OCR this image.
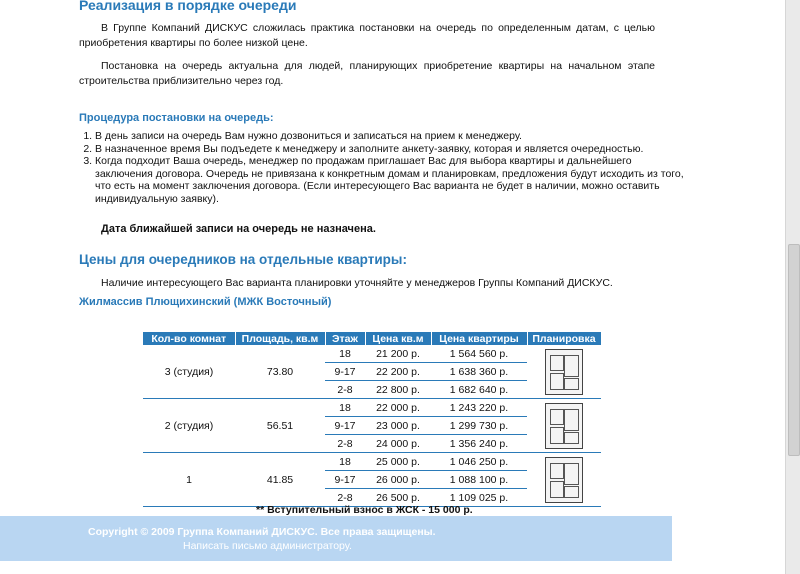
Реализация в порядке очереди
В Группе Компаний ДИСКУС сложилась практика постановки на очередь по определенным датам, с целью приобретения квартиры по более низкой цене.
Постановка на очередь актуальна для людей, планирующих приобретение квартиры на начальном этапе строительства приблизительно через год.
Процедура постановки на очередь:
1. В день записи на очередь Вам нужно дозвониться и записаться на прием к менеджеру.
2. В назначенное время Вы подъедете к менеджеру и заполните анкету-заявку, которая и является очередностью.
3. Когда подходит Ваша очередь, менеджер по продажам приглашает Вас для выбора квартиры и дальнейшего заключения договора. Очередь не привязана к конкретным домам и планировкам, предложения будут исходить из того, что есть на момент заключения договора. (Если интересующего Вас варианта не будет в наличии, можно оставить индивидуальную заявку).
Дата ближайшей записи на очередь не назначена.
Цены для очередников на отдельные квартиры:
Наличие интересующего Вас варианта планировки уточняйте у менеджеров Группы Компаний ДИСКУС.
Жилмассив Плющихинский (МЖК Восточный)
Кол-во комнат	Площадь, кв.м	Этаж	Цена кв.м	Цена квартиры	Планировка
3 (студия)	73.80	18	21 200 р.	1 564 560 р.	

		9-17	22 200 р.	1 638 360 р.	
		2-8	22 800 р.	1 682 640 р.	
2 (студия)	56.51	18	22 000 р.	1 243 220 р.	

		9-17	23 000 р.	1 299 730 р.	
		2-8	24 000 р.	1 356 240 р.	
1	41.85	18	25 000 р.	1 046 250 р.	

		9-17	26 000 р.	1 088 100 р.	
		2-8	26 500 р.	1 109 025 р.	
** Вступительный взнос в ЖСК - 15 000 р.
Copyright © 2009 Группа Компаний ДИСКУС. Все права защищены.
Написать письмо администратору.
